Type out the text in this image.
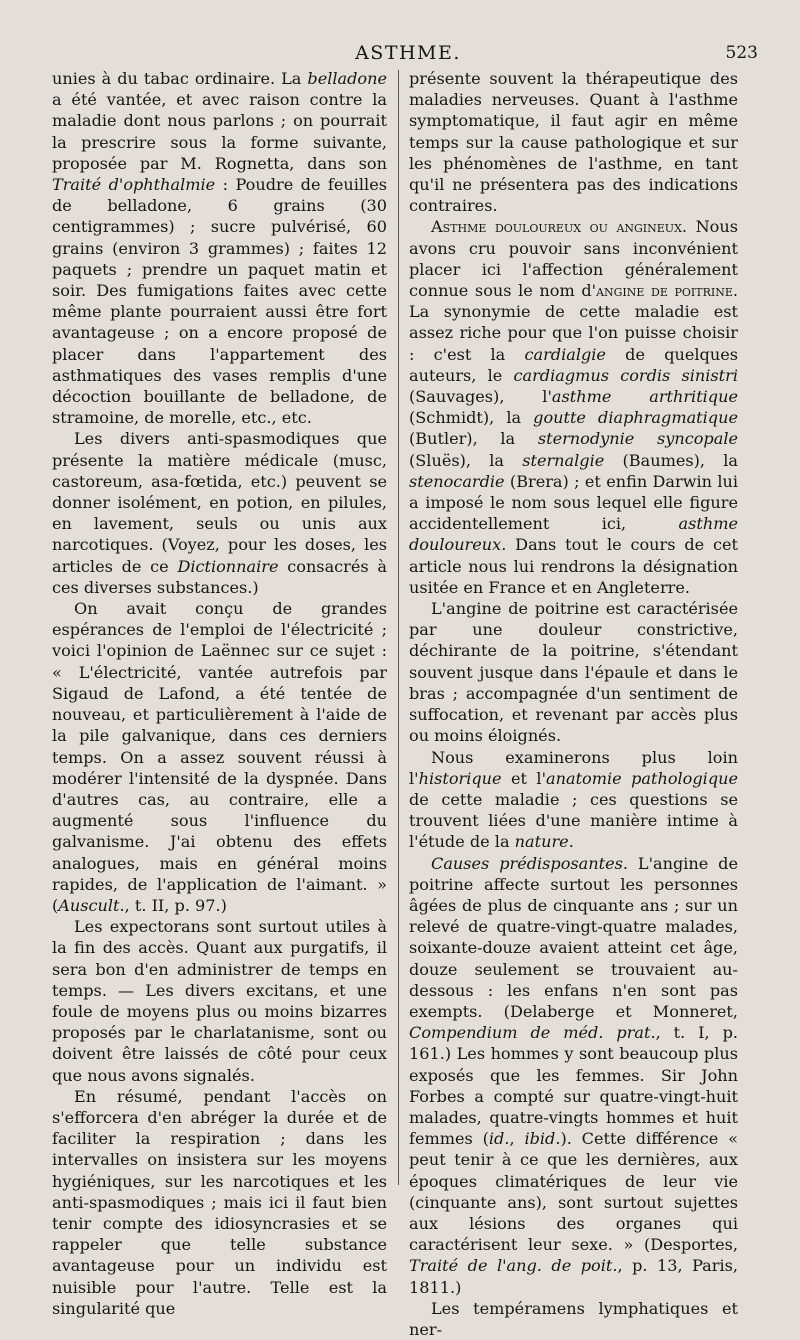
ASTHME.	523

unies à du tabac ordinaire. La belladone a été vantée, et avec raison contre la maladie dont nous parlons ; on pourrait la prescrire sous la forme suivante, proposée par M. Rognetta, dans son Traité d'ophthalmie : Poudre de feuilles de belladone, 6 grains (30 centigrammes) ; sucre pulvérisé, 60 grains (environ 3 grammes) ; faites 12 paquets ; prendre un paquet matin et soir. Des fumigations faites avec cette même plante pourraient aussi être fort avantageuse ; on a encore proposé de placer dans l'appartement des asthmatiques des vases remplis d'une décoction bouillante de belladone, de stramoine, de morelle, etc., etc.

Les divers anti-spasmodiques que présente la matière médicale (musc, castoreum, asa-fœtida, etc.) peuvent se donner isolément, en potion, en pilules, en lavement, seuls ou unis aux narcotiques. (Voyez, pour les doses, les articles de ce Dictionnaire consacrés à ces diverses substances.)

On avait conçu de grandes espérances de l'emploi de l'électricité ; voici l'opinion de Laënnec sur ce sujet : « L'électricité, vantée autrefois par Sigaud de Lafond, a été tentée de nouveau, et particulièrement à l'aide de la pile galvanique, dans ces derniers temps. On a assez souvent réussi à modérer l'intensité de la dyspnée. Dans d'autres cas, au contraire, elle a augmenté sous l'influence du galvanisme. J'ai obtenu des effets analogues, mais en général moins rapides, de l'application de l'aimant. » (Auscult., t. II, p. 97.)

Les expectorans sont surtout utiles à la fin des accès. Quant aux purgatifs, il sera bon d'en administrer de temps en temps. — Les divers excitans, et une foule de moyens plus ou moins bizarres proposés par le charlatanisme, sont ou doivent être laissés de côté pour ceux que nous avons signalés.

En résumé, pendant l'accès on s'efforcera d'en abréger la durée et de faciliter la respiration ; dans les intervalles on insistera sur les moyens hygiéniques, sur les narcotiques et les anti-spasmodiques ; mais ici il faut bien tenir compte des idiosyncrasies et se rappeler que telle substance avantageuse pour un individu est nuisible pour l'autre. Telle est la singularité que

présente souvent la thérapeutique des maladies nerveuses. Quant à l'asthme symptomatique, il faut agir en même temps sur la cause pathologique et sur les phénomènes de l'asthme, en tant qu'il ne présentera pas des indications contraires.

Asthme douloureux ou angineux. Nous avons cru pouvoir sans inconvénient placer ici l'affection généralement connue sous le nom d'angine de poitrine. La synonymie de cette maladie est assez riche pour que l'on puisse choisir : c'est la cardialgie de quelques auteurs, le cardiagmus cordis sinistri (Sauvages), l'asthme arthritique (Schmidt), la goutte diaphragmatique (Butler), la sternodynie syncopale (Sluës), la sternalgie (Baumes), la stenocardie (Brera) ; et enfin Darwin lui a imposé le nom sous lequel elle figure accidentellement ici, asthme douloureux. Dans tout le cours de cet article nous lui rendrons la désignation usitée en France et en Angleterre.

L'angine de poitrine est caractérisée par une douleur constrictive, déchirante de la poitrine, s'étendant souvent jusque dans l'épaule et dans le bras ; accompagnée d'un sentiment de suffocation, et revenant par accès plus ou moins éloignés.

Nous examinerons plus loin l'historique et l'anatomie pathologique de cette maladie ; ces questions se trouvent liées d'une manière intime à l'étude de la nature.

Causes prédisposantes. L'angine de poitrine affecte surtout les personnes âgées de plus de cinquante ans ; sur un relevé de quatre-vingt-quatre malades, soixante-douze avaient atteint cet âge, douze seulement se trouvaient au-dessous : les enfans n'en sont pas exempts. (Delaberge et Monneret, Compendium de méd. prat., t. I, p. 161.) Les hommes y sont beaucoup plus exposés que les femmes. Sir John Forbes a compté sur quatre-vingt-huit malades, quatre-vingts hommes et huit femmes (id., ibid.). Cette différence « peut tenir à ce que les dernières, aux époques climatériques de leur vie (cinquante ans), sont surtout sujettes aux lésions des organes qui caractérisent leur sexe. » (Desportes, Traité de l'ang. de poit., p. 13, Paris, 1811.)

Les tempéramens lymphatiques et ner-
